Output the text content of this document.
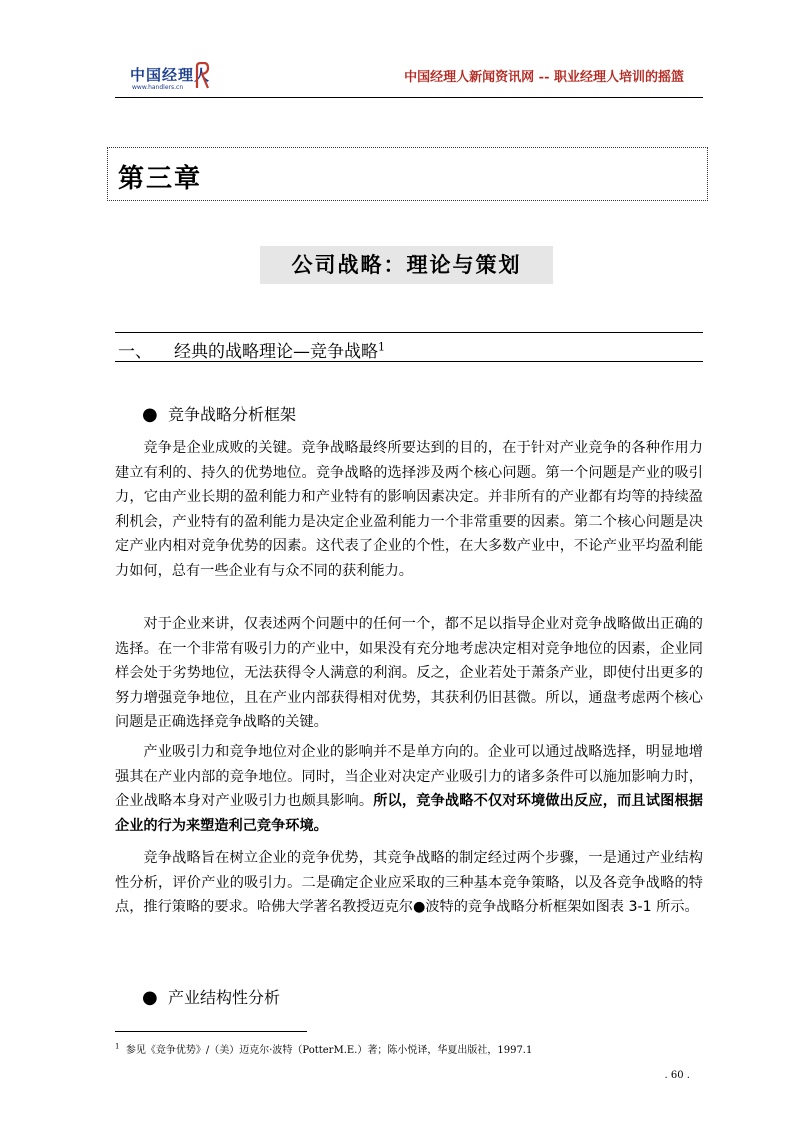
中国经理人
www.handlers.cn
中国经理人新闻资讯网 -- 职业经理人培训的摇篮
第三章
公司战略：理论与策划
一、 经典的战略理论—竞争战略$^1$
● 竞争战略分析框架

竞争是企业成败的关键。竞争战略最终所要达到的目的，在于针对产业竞争的各种作用力建立有利的、持久的优势地位。竞争战略的选择涉及两个核心问题。第一个问题是产业的吸引力，它由产业长期的盈利能力和产业特有的影响因素决定。并非所有的产业都有均等的持续盈利机会，产业特有的盈利能力是决定企业盈利能力一个非常重要的因素。第二个核心问题是决定产业内相对竞争优势的因素。这代表了企业的个性，在大多数产业中，不论产业平均盈利能力如何，总有一些企业有与众不同的获利能力。

对于企业来讲，仅表述两个问题中的任何一个，都不足以指导企业对竞争战略做出正确的选择。在一个非常有吸引力的产业中，如果没有充分地考虑决定相对竞争地位的因素，企业同样会处于劣势地位，无法获得令人满意的利润。反之，企业若处于萧条产业，即使付出更多的努力增强竞争地位，且在产业内部获得相对优势，其获利仍旧甚微。所以，通盘考虑两个核心问题是正确选择竞争战略的关键。

产业吸引力和竞争地位对企业的影响并不是单方向的。企业可以通过战略选择，明显地增强其在产业内部的竞争地位。同时，当企业对决定产业吸引力的诸多条件可以施加影响力时，企业战略本身对产业吸引力也颇具影响。所以，竞争战略不仅对环境做出反应，而且试图根据企业的行为来塑造利己竞争环境。

竞争战略旨在树立企业的竞争优势，其竞争战略的制定经过两个步骤，一是通过产业结构性分析，评价产业的吸引力。二是确定企业应采取的三种基本竞争策略，以及各竞争战略的特点，推行策略的要求。哈佛大学著名教授迈克尔●波特的竞争战略分析框架如图表 3-1 所示。

● 产业结构性分析
$^1$ 参见《竞争优势》/（美）迈克尔·波特（PotterM.E.）著；陈小悦译，华夏出版社，1997.1
. 60 .
